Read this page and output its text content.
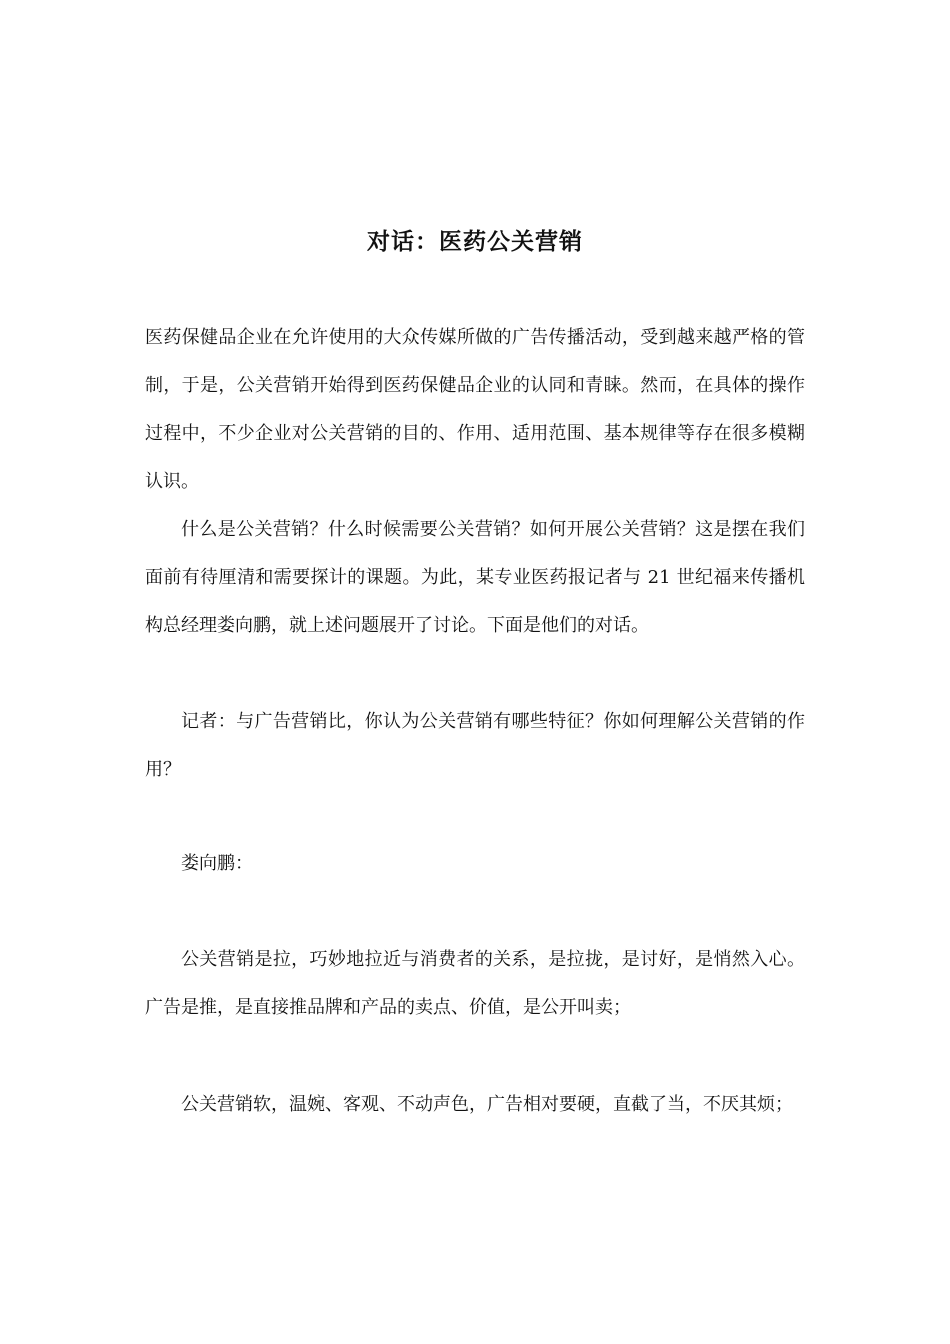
对话：医药公关营销

医药保健品企业在允许使用的大众传媒所做的广告传播活动，受到越来越严格的管制，于是，公关营销开始得到医药保健品企业的认同和青睐。然而，在具体的操作过程中，不少企业对公关营销的目的、作用、适用范围、基本规律等存在很多模糊认识。

什么是公关营销？什么时候需要公关营销？如何开展公关营销？这是摆在我们面前有待厘清和需要探计的课题。为此，某专业医药报记者与 21 世纪福来传播机构总经理娄向鹏，就上述问题展开了讨论。下面是他们的对话。

记者：与广告营销比，你认为公关营销有哪些特征？你如何理解公关营销的作用？

娄向鹏：

公关营销是拉，巧妙地拉近与消费者的关系，是拉拢，是讨好，是悄然入心。广告是推，是直接推品牌和产品的卖点、价值，是公开叫卖；

公关营销软，温婉、客观、不动声色，广告相对要硬，直截了当，不厌其烦；
